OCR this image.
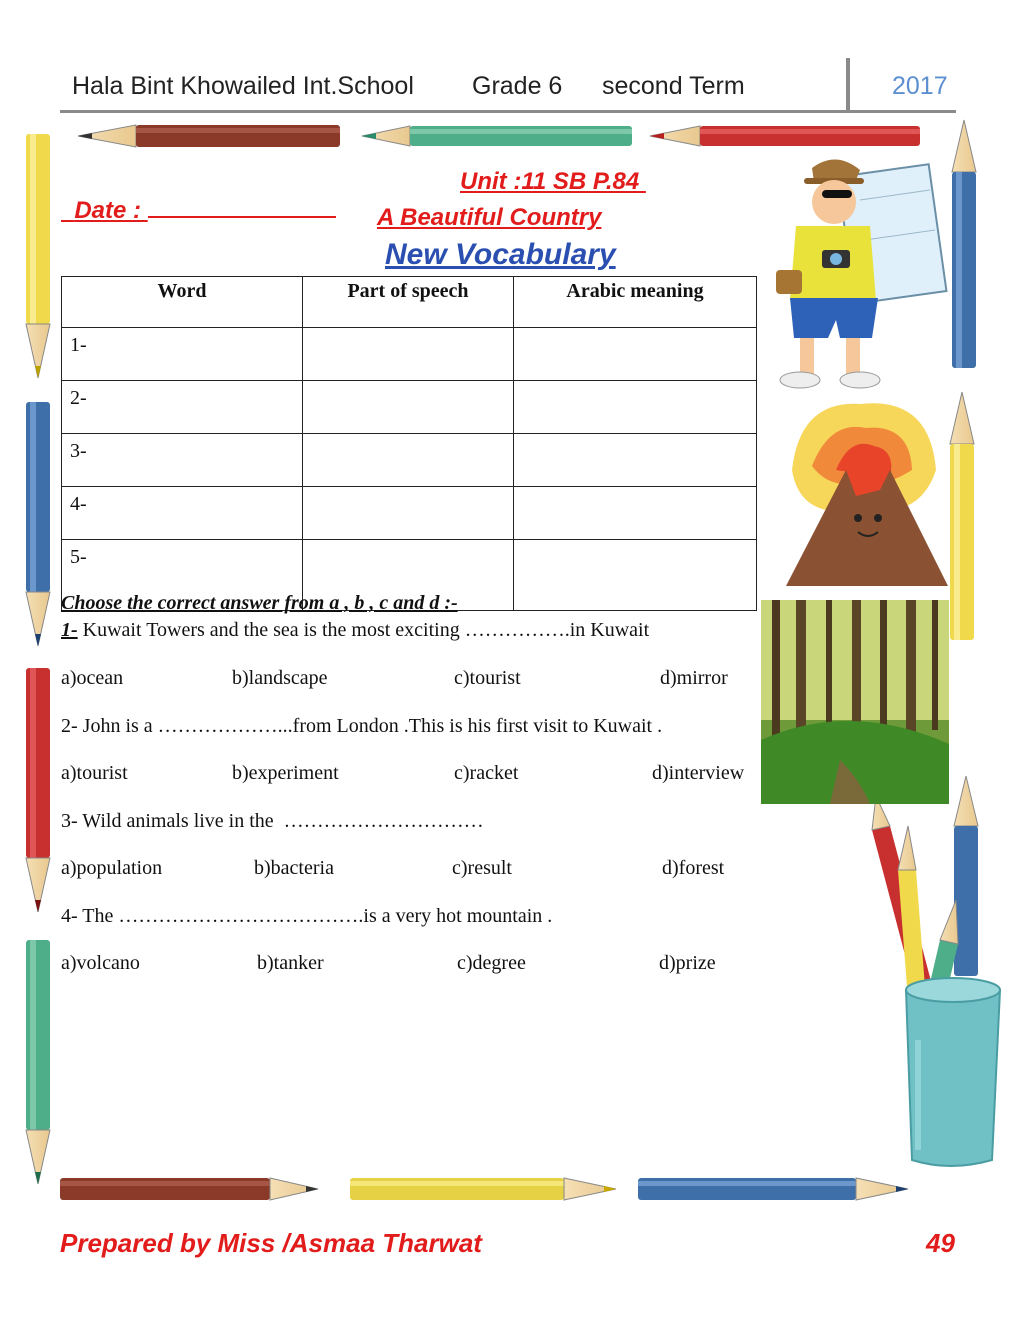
Hala Bint Khowailed Int.School Grade 6 second Term	2017

Date :

Unit :11 SB P.84
A Beautiful Country
New Vocabulary
Word	Part of speech	Arabic meaning
1-		
2-		
3-		
4-		
5-		
Choose the correct answer from a , b , c and d :-
1- Kuwait Towers and the sea is the most exciting …………….in Kuwait
a)ocean	b)landscape	c)tourist	d)mirror
2- John is a ………………...from London .This is his first visit to Kuwait .
a)tourist	b)experiment	c)racket	d)interview
3- Wild animals live in the  …………………………
a)population	b)bacteria	c)result	d)forest
4- The ……………………………….is a very hot mountain .
a)volcano	b)tanker	c)degree	d)prize
Prepared by Miss /Asmaa Tharwat	49
